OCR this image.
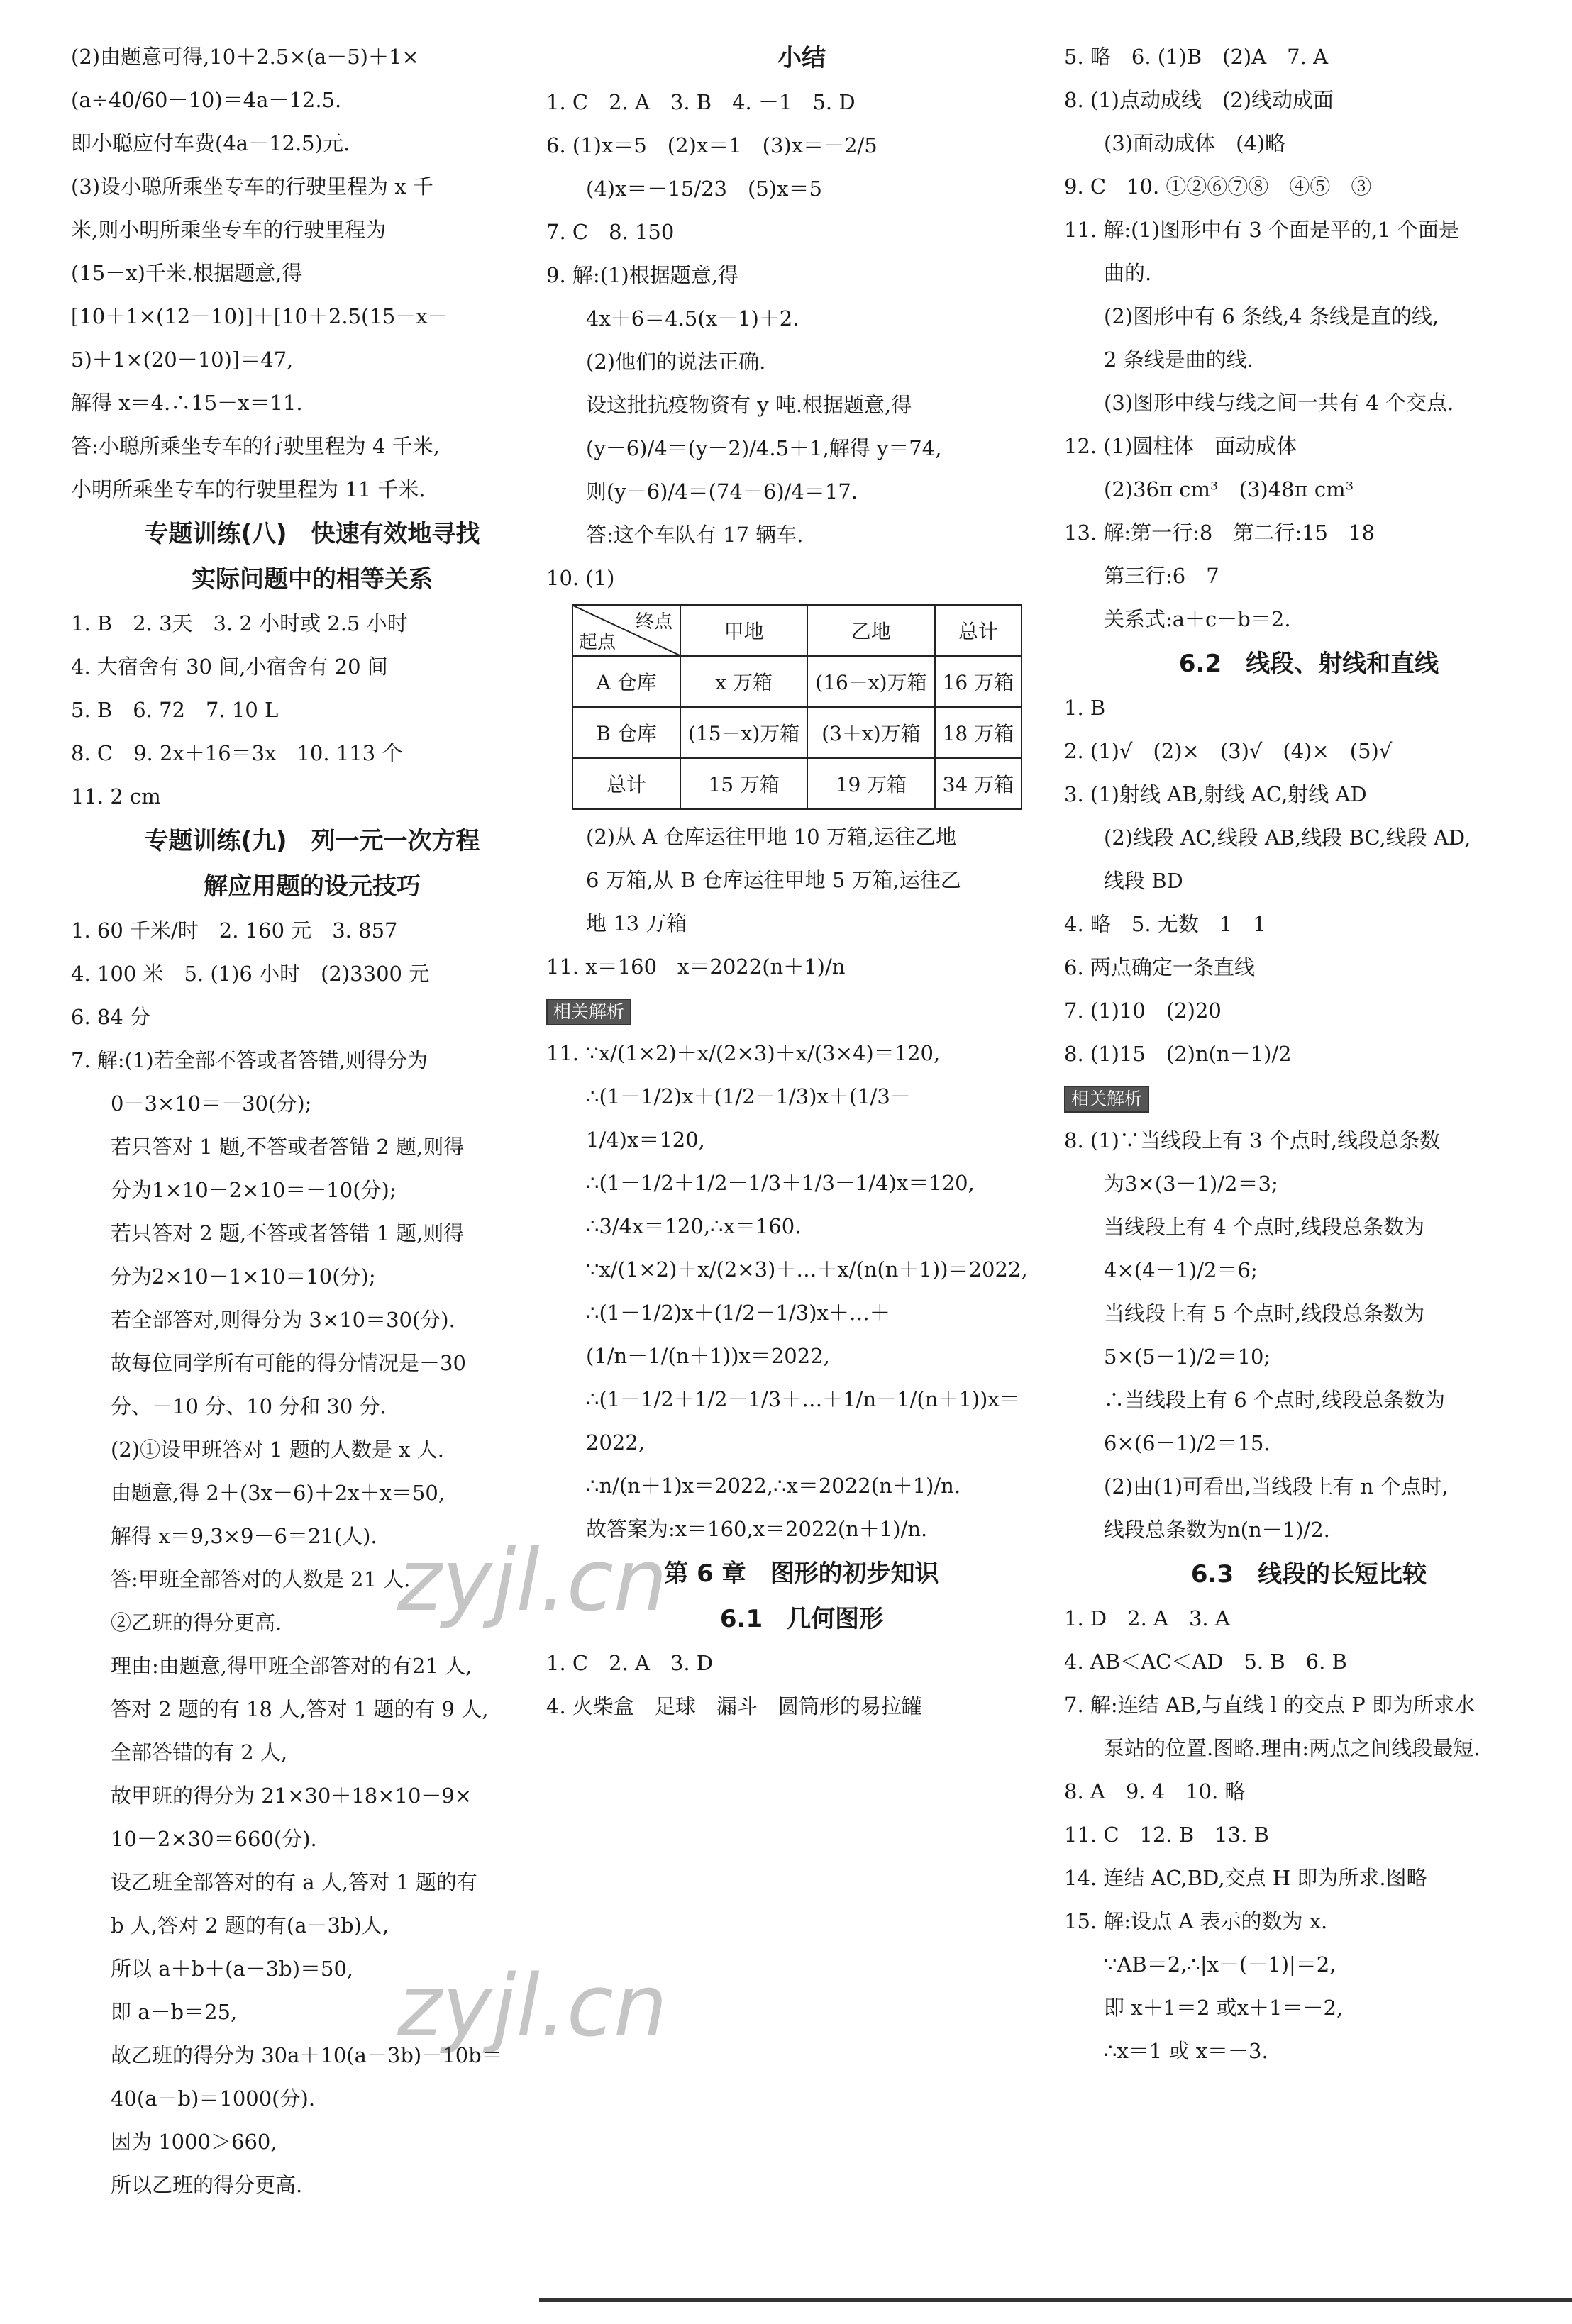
(2)由题意可得,10＋2.5×(a－5)＋1×
(a÷40/60－10)＝4a－12.5.
即小聪应付车费(4a－12.5)元.
(3)设小聪所乘坐专车的行驶里程为 x 千
米,则小明所乘坐专车的行驶里程为
(15－x)千米.根据题意,得
[10＋1×(12－10)]＋[10＋2.5(15－x－
5)＋1×(20－10)]＝47,
解得 x＝4.∴15－x＝11.
答:小聪所乘坐专车的行驶里程为 4 千米,
小明所乘坐专车的行驶里程为 11 千米.
专题训练(八)　快速有效地寻找
实际问题中的相等关系
1. B　2. 3天　3. 2 小时或 2.5 小时
4. 大宿舍有 30 间,小宿舍有 20 间
5. B　6. 72　7. 10 L
8. C　9. 2x＋16＝3x　10. 113 个
11. 2 cm
专题训练(九)　列一元一次方程
解应用题的设元技巧
1. 60 千米/时　2. 160 元　3. 857
4. 100 米　5. (1)6 小时　(2)3300 元
6. 84 分
7. 解:(1)若全部不答或者答错,则得分为
0－3×10＝－30(分);
若只答对 1 题,不答或者答错 2 题,则得
分为1×10－2×10＝－10(分);
若只答对 2 题,不答或者答错 1 题,则得
分为2×10－1×10＝10(分);
若全部答对,则得分为 3×10＝30(分).
故每位同学所有可能的得分情况是－30
分、－10 分、10 分和 30 分.
(2)①设甲班答对 1 题的人数是 x 人.
由题意,得 2＋(3x－6)＋2x＋x＝50,
解得 x＝9,3×9－6＝21(人).
答:甲班全部答对的人数是 21 人.
②乙班的得分更高.
理由:由题意,得甲班全部答对的有21 人,
答对 2 题的有 18 人,答对 1 题的有 9 人,
全部答错的有 2 人,
故甲班的得分为 21×30＋18×10－9×
10－2×30＝660(分).
设乙班全部答对的有 a 人,答对 1 题的有
b 人,答对 2 题的有(a－3b)人,
所以 a＋b＋(a－3b)＝50,
即 a－b＝25,
故乙班的得分为 30a＋10(a－3b)－10b＝
40(a－b)＝1000(分).
因为 1000＞660,
所以乙班的得分更高.
小结
1. C　2. A　3. B　4. －1　5. D
6. (1)x＝5　(2)x＝1　(3)x＝－2/5
(4)x＝－15/23　(5)x＝5
7. C　8. 150
9. 解:(1)根据题意,得
4x＋6＝4.5(x－1)＋2.
(2)他们的说法正确.
设这批抗疫物资有 y 吨.根据题意,得
(y－6)/4＝(y－2)/4.5＋1,解得 y＝74,
则(y－6)/4＝(74－6)/4＝17.
答:这个车队有 17 辆车.
10. (1)
终点
起点	甲地	乙地	总计
A 仓库	x 万箱	(16－x)万箱	16 万箱
B 仓库	(15－x)万箱	(3＋x)万箱	18 万箱
总计	15 万箱	19 万箱	34 万箱
(2)从 A 仓库运往甲地 10 万箱,运往乙地
6 万箱,从 B 仓库运往甲地 5 万箱,运往乙
地 13 万箱
11. x＝160　x＝2022(n＋1)/n
相关解析
11. ∵x/(1×2)＋x/(2×3)＋x/(3×4)＝120,
∴(1－1/2)x＋(1/2－1/3)x＋(1/3－
1/4)x＝120,
∴(1－1/2＋1/2－1/3＋1/3－1/4)x＝120,
∴3/4x＝120,∴x＝160.
∵x/(1×2)＋x/(2×3)＋…＋x/(n(n＋1))＝2022,
∴(1－1/2)x＋(1/2－1/3)x＋…＋
(1/n－1/(n＋1))x＝2022,
∴(1－1/2＋1/2－1/3＋…＋1/n－1/(n＋1))x＝
2022,
∴n/(n＋1)x＝2022,∴x＝2022(n＋1)/n.
故答案为:x＝160,x＝2022(n＋1)/n.
第 6 章　图形的初步知识
6.1　几何图形
1. C　2. A　3. D
4. 火柴盒　足球　漏斗　圆筒形的易拉罐
5. 略　6. (1)B　(2)A　7. A
8. (1)点动成线　(2)线动成面
(3)面动成体　(4)略
9. C　10. ①②⑥⑦⑧　④⑤　③
11. 解:(1)图形中有 3 个面是平的,1 个面是
曲的.
(2)图形中有 6 条线,4 条线是直的线,
2 条线是曲的线.
(3)图形中线与线之间一共有 4 个交点.
12. (1)圆柱体　面动成体
(2)36π cm³　(3)48π cm³
13. 解:第一行:8　第二行:15　18
第三行:6　7
关系式:a＋c－b＝2.
6.2　线段、射线和直线
1. B
2. (1)√　(2)×　(3)√　(4)×　(5)√
3. (1)射线 AB,射线 AC,射线 AD
(2)线段 AC,线段 AB,线段 BC,线段 AD,
线段 BD
4. 略　5. 无数　1　1
6. 两点确定一条直线
7. (1)10　(2)20
8. (1)15　(2)n(n－1)/2
相关解析
8. (1)∵当线段上有 3 个点时,线段总条数
为3×(3－1)/2＝3;
当线段上有 4 个点时,线段总条数为
4×(4－1)/2＝6;
当线段上有 5 个点时,线段总条数为
5×(5－1)/2＝10;
∴当线段上有 6 个点时,线段总条数为
6×(6－1)/2＝15.
(2)由(1)可看出,当线段上有 n 个点时,
线段总条数为n(n－1)/2.
6.3　线段的长短比较
1. D　2. A　3. A
4. AB＜AC＜AD　5. B　6. B
7. 解:连结 AB,与直线 l 的交点 P 即为所求水
泵站的位置.图略.理由:两点之间线段最短.
8. A　9. 4　10. 略
11. C　12. B　13. B
14. 连结 AC,BD,交点 H 即为所求.图略
15. 解:设点 A 表示的数为 x.
∵AB＝2,∴|x－(－1)|＝2,
即 x＋1＝2 或x＋1＝－2,
∴x＝1 或 x＝－3.
zyjl.cn
zyjl.cn
